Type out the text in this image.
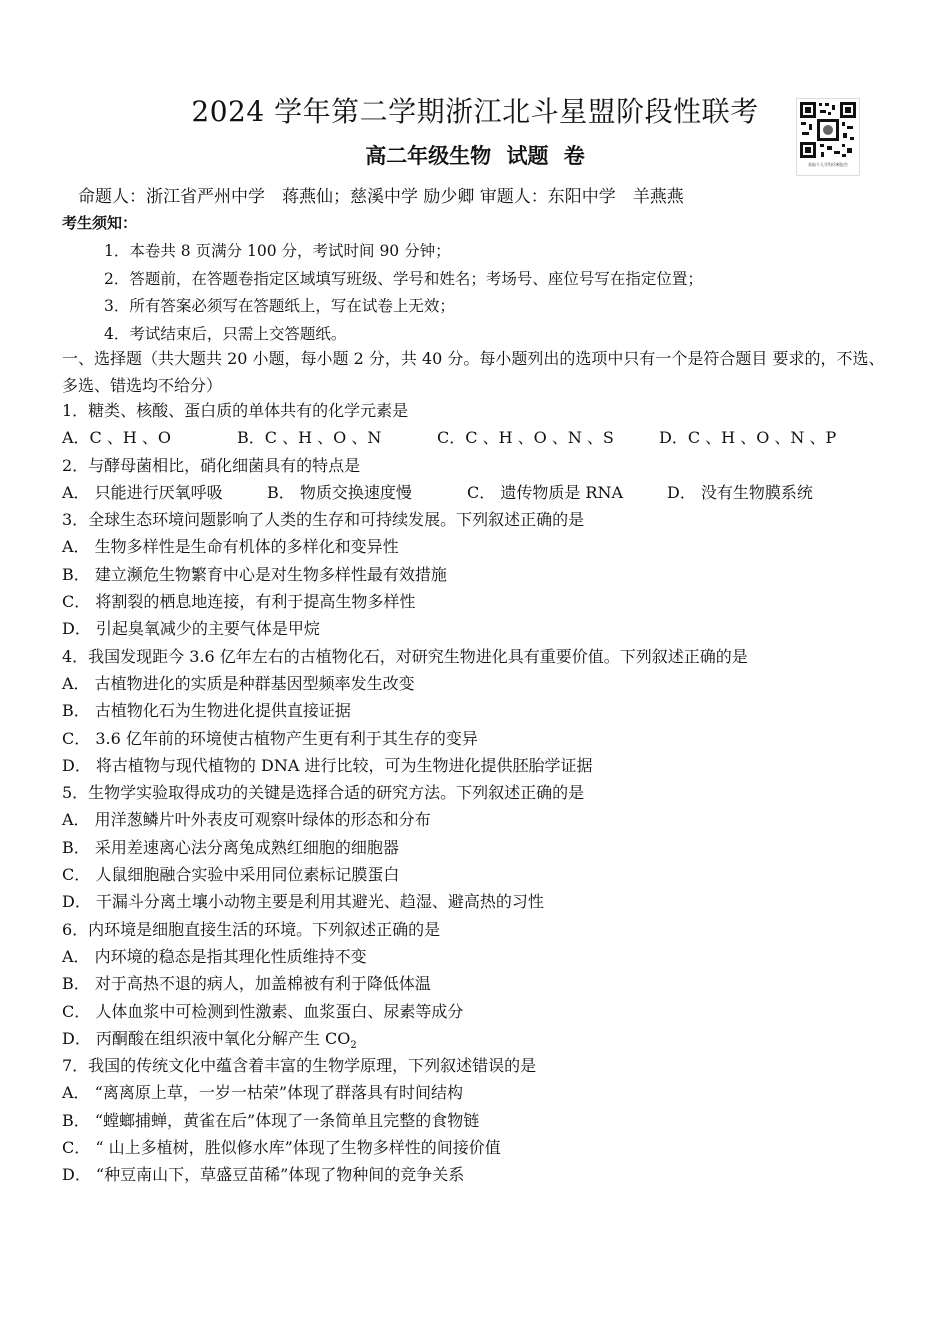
2024 学年第二学期浙江北斗星盟阶段性联考
获取个人学科诊断报告
高二年级生物 试题 卷
命题人：浙江省严州中学　蒋燕仙；慈溪中学 励少卿 审题人：东阳中学　羊燕燕
考生须知：
1．本卷共 8 页满分 100 分，考试时间 90 分钟；
2．答题前，在答题卷指定区域填写班级、学号和姓名；考场号、座位号写在指定位置；
3．所有答案必须写在答题纸上，写在试卷上无效；
4．考试结束后，只需上交答题纸。
一、选择题（共大题共 20 小题，每小题 2 分，共 40 分。每小题列出的选项中只有一个是符合题目 要求的，不选、多选、错选均不给分）
1．糖类、核酸、蛋白质的单体共有的化学元素是
A．C 、H 、O	B．C 、H 、O 、N	C．C 、H 、O 、N 、S	D．C 、H 、O 、N 、P
2．与酵母菌相比，硝化细菌具有的特点是
A． 只能进行厌氧呼吸	B． 物质交换速度慢	C． 遗传物质是 RNA	D． 没有生物膜系统
3．全球生态环境问题影响了人类的生存和可持续发展。下列叙述正确的是
A． 生物多样性是生命有机体的多样化和变异性
B． 建立濒危生物繁育中心是对生物多样性最有效措施
C． 将割裂的栖息地连接，有利于提高生物多样性
D． 引起臭氧减少的主要气体是甲烷
4．我国发现距今 3.6 亿年左右的古植物化石，对研究生物进化具有重要价值。下列叙述正确的是
A． 古植物进化的实质是种群基因型频率发生改变
B． 古植物化石为生物进化提供直接证据
C． 3.6 亿年前的环境使古植物产生更有利于其生存的变异
D． 将古植物与现代植物的 DNA 进行比较，可为生物进化提供胚胎学证据
5．生物学实验取得成功的关键是选择合适的研究方法。下列叙述正确的是
A． 用洋葱鳞片叶外表皮可观察叶绿体的形态和分布
B． 采用差速离心法分离兔成熟红细胞的细胞器
C． 人鼠细胞融合实验中采用同位素标记膜蛋白
D． 干漏斗分离土壤小动物主要是利用其避光、趋湿、避高热的习性
6．内环境是细胞直接生活的环境。下列叙述正确的是
A． 内环境的稳态是指其理化性质维持不变
B． 对于高热不退的病人，加盖棉被有利于降低体温
C． 人体血浆中可检测到性激素、血浆蛋白、尿素等成分
D． 丙酮酸在组织液中氧化分解产生 $CO_2$
7．我国的传统文化中蕴含着丰富的生物学原理，下列叙述错误的是
A． “离离原上草，一岁一枯荣”体现了群落具有时间结构
B． “螳螂捕蝉，黄雀在后”体现了一条简单且完整的食物链
C． “ 山上多植树，胜似修水库”体现了生物多样性的间接价值
D． “种豆南山下，草盛豆苗稀”体现了物种间的竞争关系
